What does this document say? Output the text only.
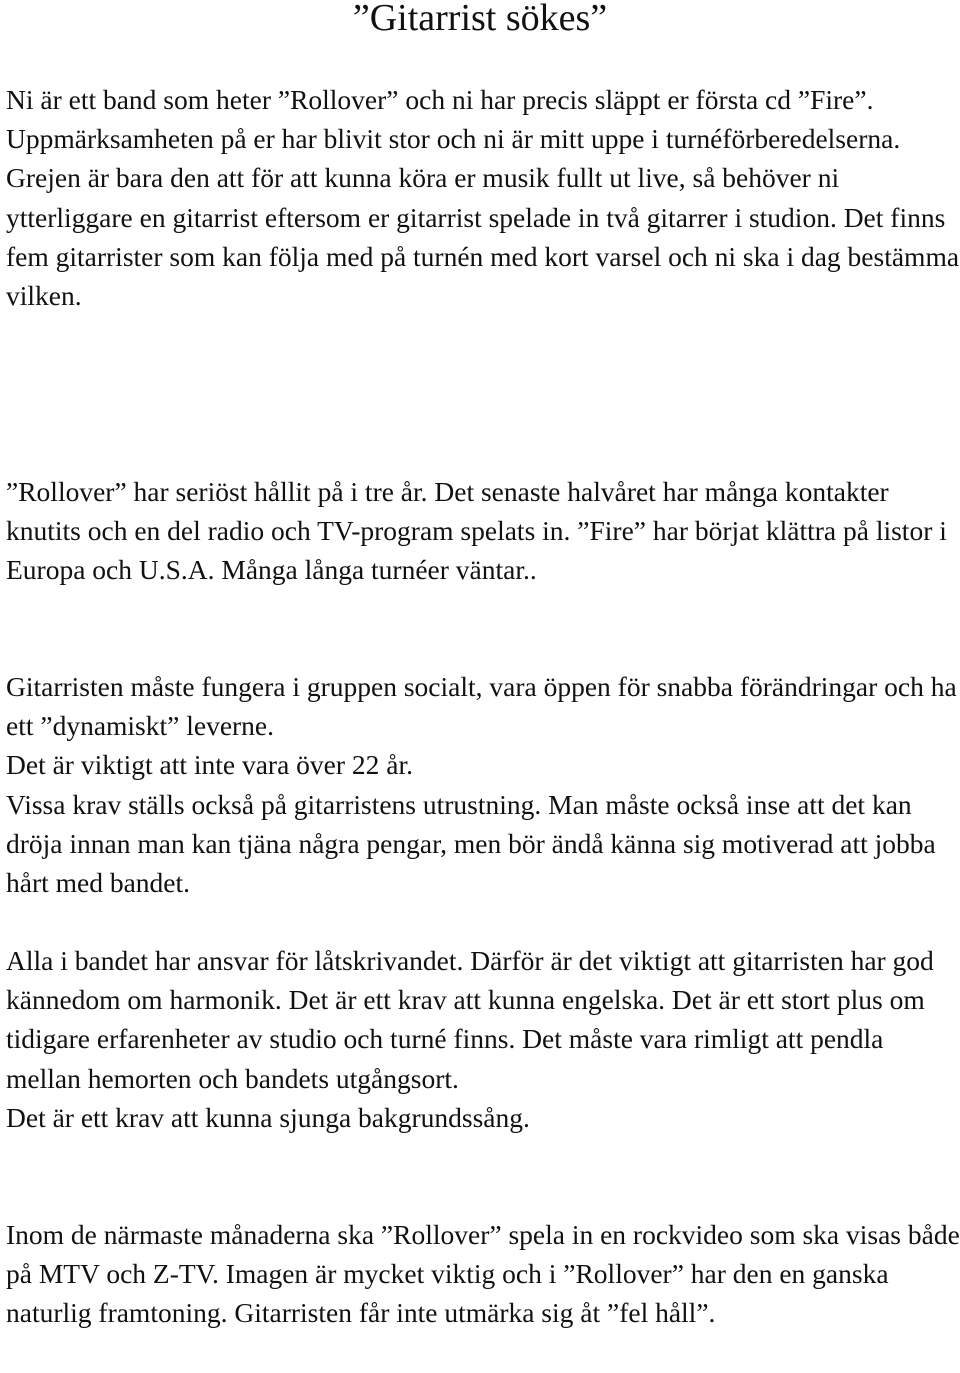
”Gitarrist sökes”

Ni är ett band som heter ”Rollover” och ni har precis släppt er första cd ”Fire”. Uppmärksamheten på er har blivit stor och ni är mitt uppe i turnéförberedelserna. Grejen är bara den att för att kunna köra er musik fullt ut live, så behöver ni ytterliggare en gitarrist eftersom er gitarrist spelade in två gitarrer i studion. Det finns fem gitarrister som kan följa med på turnén med kort varsel och ni ska i dag bestämma vilken.

”Rollover” har seriöst hållit på i tre år. Det senaste halvåret har många kontakter knutits och en del radio och TV-program spelats in. ”Fire” har börjat klättra på listor i Europa och U.S.A. Många långa turnéer väntar..

Gitarristen måste fungera i gruppen socialt, vara öppen för snabba förändringar och ha ett ”dynamiskt” leverne.

Det är viktigt att inte vara över 22 år.

Vissa krav ställs också på gitarristens utrustning. Man måste också inse att det kan dröja innan man kan tjäna några pengar, men bör ändå känna sig motiverad att jobba hårt med bandet.

Alla i bandet har ansvar för låtskrivandet. Därför är det viktigt att gitarristen har god kännedom om harmonik. Det är ett krav att kunna engelska. Det är ett stort plus om tidigare erfarenheter av studio och turné finns. Det måste vara rimligt att pendla mellan hemorten och bandets utgångsort.

Det är ett krav att kunna sjunga bakgrundssång.

Inom de närmaste månaderna ska ”Rollover” spela in en rockvideo som ska visas både på MTV och Z-TV. Imagen är mycket viktig och i ”Rollover” har den en ganska naturlig framtoning. Gitarristen får inte utmärka sig åt ”fel håll”.
